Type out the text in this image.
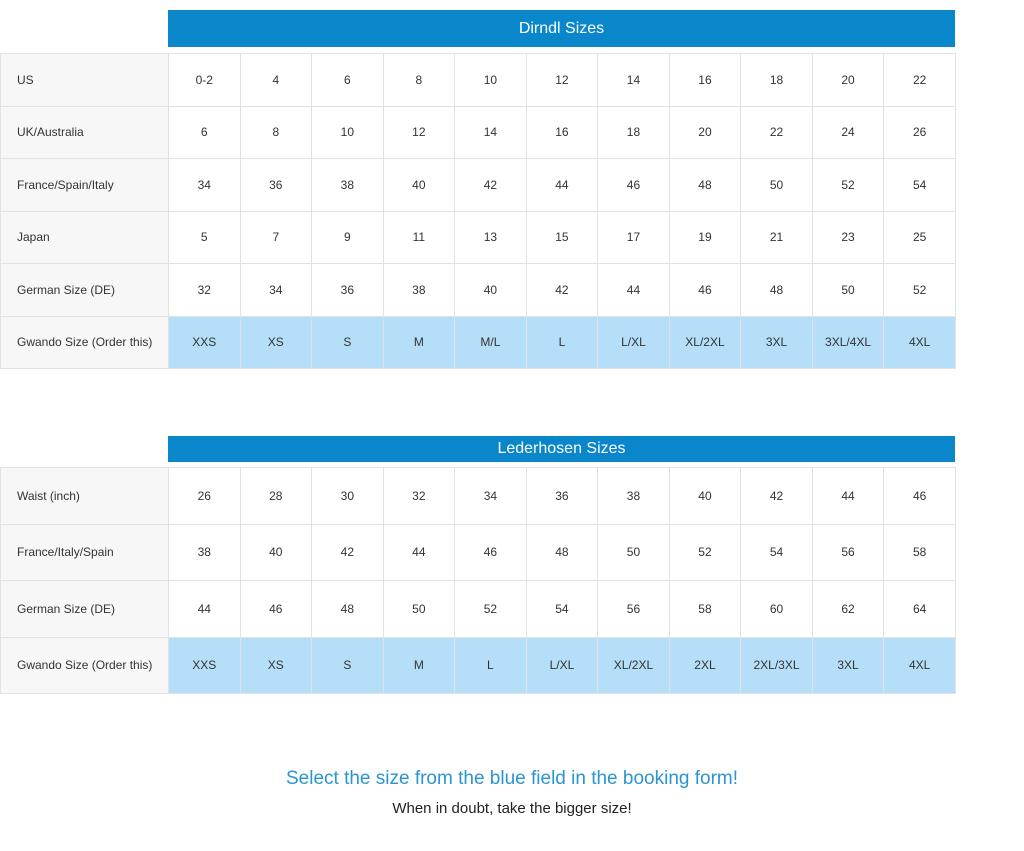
Dirndl Sizes
US	0-2	4	6	8	10	12	14	16	18	20	22
UK/Australia	6	8	10	12	14	16	18	20	22	24	26
France/Spain/Italy	34	36	38	40	42	44	46	48	50	52	54
Japan	5	7	9	11	13	15	17	19	21	23	25
German Size (DE)	32	34	36	38	40	42	44	46	48	50	52
Gwando Size (Order this)	XXS	XS	S	M	M/L	L	L/XL	XL/2XL	3XL	3XL/4XL	4XL
Lederhosen Sizes
Waist (inch)	26	28	30	32	34	36	38	40	42	44	46
France/Italy/Spain	38	40	42	44	46	48	50	52	54	56	58
German Size (DE)	44	46	48	50	52	54	56	58	60	62	64
Gwando Size (Order this)	XXS	XS	S	M	L	L/XL	XL/2XL	2XL	2XL/3XL	3XL	4XL
Select the size from the blue field in the booking form!
When in doubt, take the bigger size!
